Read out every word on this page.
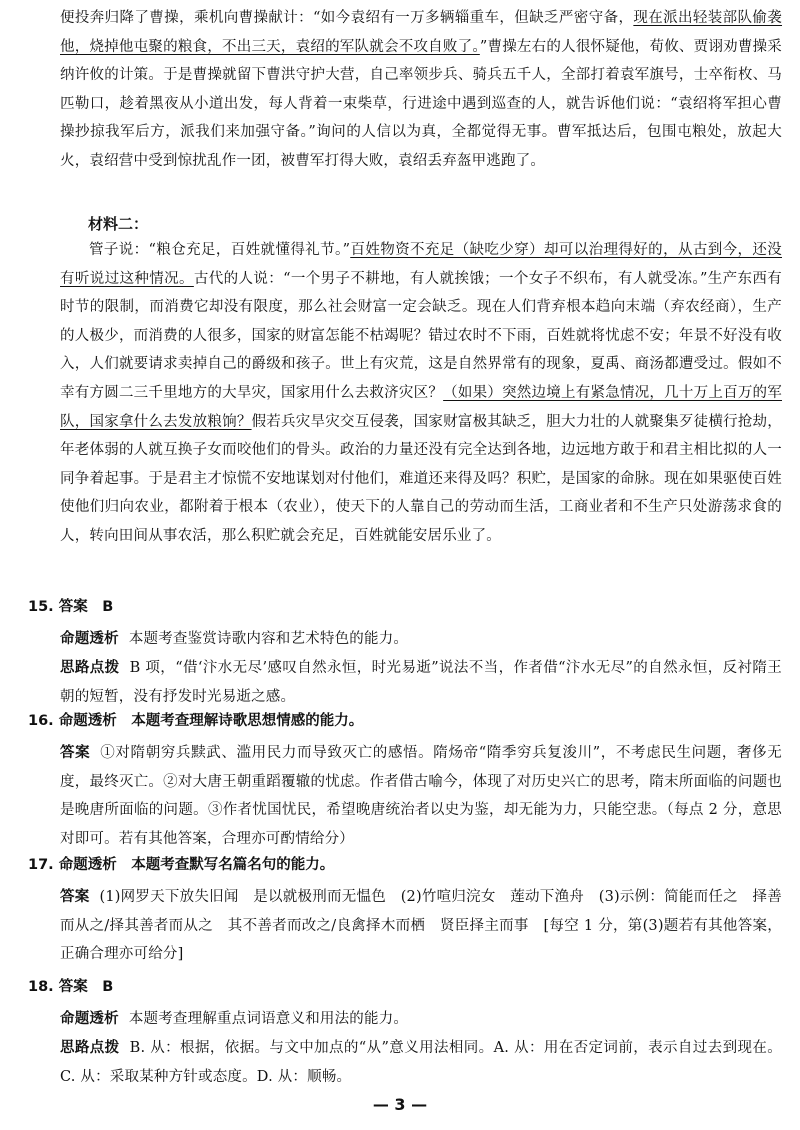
便投奔归降了曹操，乘机向曹操献计：“如今袁绍有一万多辆辎重车，但缺乏严密守备，现在派出轻装部队偷袭他，烧掉他屯聚的粮食，不出三天，袁绍的军队就会不攻自败了。”曹操左右的人很怀疑他，荀攸、贾诩劝曹操采纳许攸的计策。于是曹操就留下曹洪守护大营，自己率领步兵、骑兵五千人，全部打着袁军旗号，士卒衔枚、马匹勒口，趁着黑夜从小道出发，每人背着一束柴草，行进途中遇到巡查的人，就告诉他们说：“袁绍将军担心曹操抄掠我军后方，派我们来加强守备。”询问的人信以为真，全都觉得无事。曹军抵达后，包围屯粮处，放起大火，袁绍营中受到惊扰乱作一团，被曹军打得大败，袁绍丢弃盔甲逃跑了。
材料二：
管子说：“粮仓充足，百姓就懂得礼节。”百姓物资不充足（缺吃少穿）却可以治理得好的，从古到今，还没有听说过这种情况。古代的人说：“一个男子不耕地，有人就挨饿；一个女子不织布，有人就受冻。”生产东西有时节的限制，而消费它却没有限度，那么社会财富一定会缺乏。现在人们背弃根本趋向末端（弃农经商），生产的人极少，而消费的人很多，国家的财富怎能不枯竭呢？错过农时不下雨，百姓就将忧虑不安；年景不好没有收入，人们就要请求卖掉自己的爵级和孩子。世上有灾荒，这是自然界常有的现象，夏禹、商汤都遭受过。假如不幸有方圆二三千里地方的大旱灾，国家用什么去救济灾区？（如果）突然边境上有紧急情况，几十万上百万的军队，国家拿什么去发放粮饷？假若兵灾旱灾交互侵袭，国家财富极其缺乏，胆大力壮的人就聚集歹徒横行抢劫，年老体弱的人就互换子女而咬他们的骨头。政治的力量还没有完全达到各地，边远地方敢于和君主相比拟的人一同争着起事。于是君主才惊慌不安地谋划对付他们，难道还来得及吗？积贮，是国家的命脉。现在如果驱使百姓使他们归向农业，都附着于根本（农业），使天下的人靠自己的劳动而生活，工商业者和不生产只处游荡求食的人，转向田间从事农活，那么积贮就会充足，百姓就能安居乐业了。
15. 答案　B
命题透析 本题考查鉴赏诗歌内容和艺术特色的能力。
思路点拨 B 项，“借‘汴水无尽’感叹自然永恒，时光易逝”说法不当，作者借“汴水无尽”的自然永恒，反衬隋王朝的短暂，没有抒发时光易逝之感。
16. 命题透析　本题考查理解诗歌思想情感的能力。
答案 ①对隋朝穷兵黩武、滥用民力而导致灭亡的感悟。隋炀帝“隋季穷兵复浚川”，不考虑民生问题，奢侈无度，最终灭亡。②对大唐王朝重蹈覆辙的忧虑。作者借古喻今，体现了对历史兴亡的思考，隋末所面临的问题也是晚唐所面临的问题。③作者忧国忧民，希望晚唐统治者以史为鉴，却无能为力，只能空悲。（每点 2 分，意思对即可。若有其他答案，合理亦可酌情给分）
17. 命题透析　本题考查默写名篇名句的能力。
答案 (1)网罗天下放失旧闻　是以就极刑而无愠色　(2)竹喧归浣女　莲动下渔舟　(3)示例：简能而任之　择善而从之/择其善者而从之　其不善者而改之/良禽择木而栖　贤臣择主而事　[每空 1 分，第(3)题若有其他答案，正确合理亦可给分]
18. 答案　B
命题透析 本题考查理解重点词语意义和用法的能力。
思路点拨 B. 从：根据，依据。与文中加点的“从”意义用法相同。A. 从：用在否定词前，表示自过去到现在。C. 从：采取某种方针或态度。D. 从：顺畅。
— 3 —
